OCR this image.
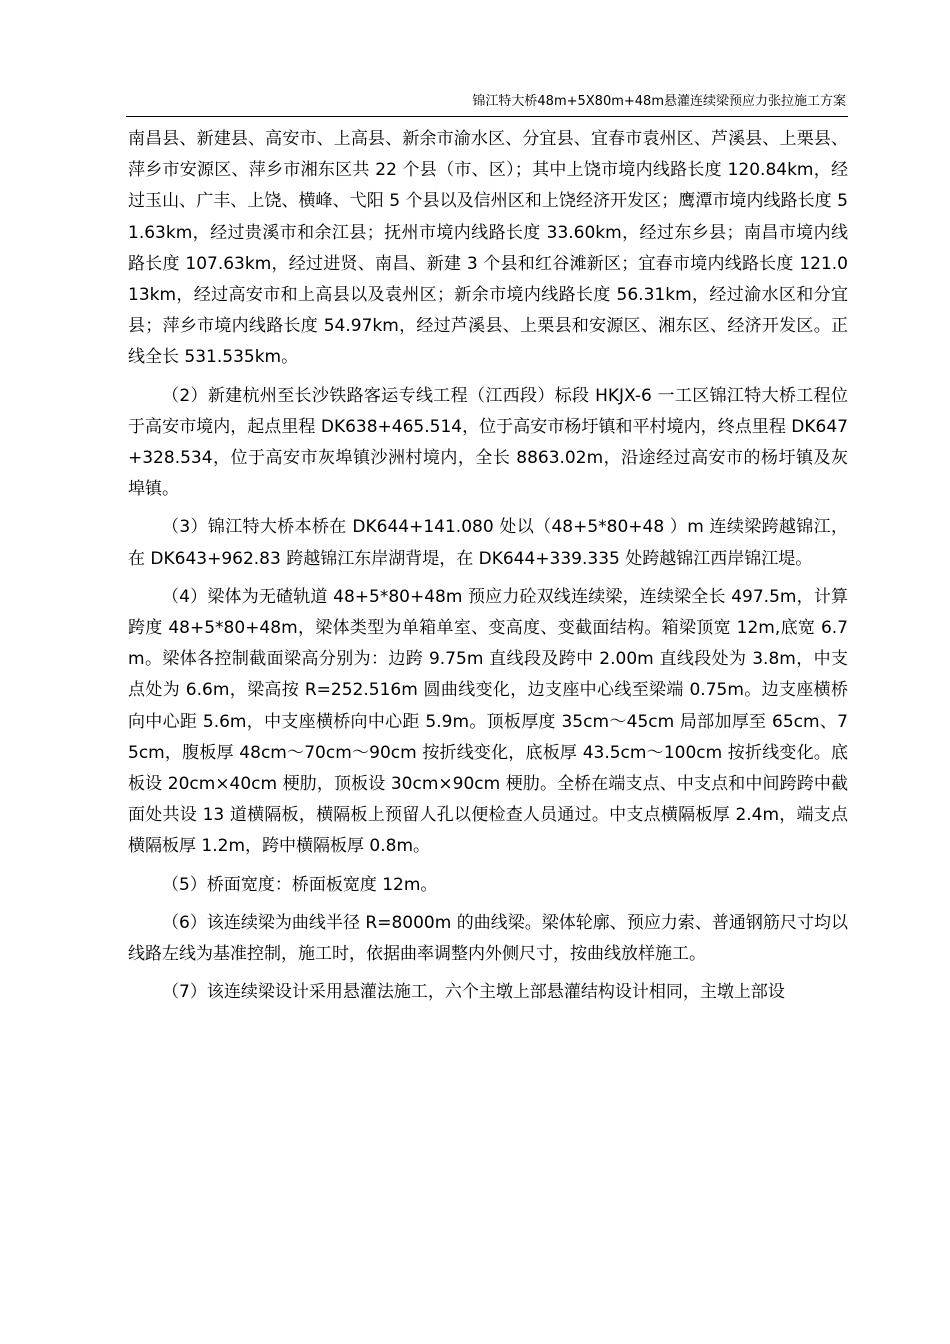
锦江特大桥48m+5X80m+48m悬灌连续梁预应力张拉施工方案

南昌县、新建县、高安市、上高县、新余市渝水区、分宜县、宜春市袁州区、芦溪县、上栗县、萍乡市安源区、萍乡市湘东区共 22 个县（市、区）；其中上饶市境内线路长度 120.84km，经过玉山、广丰、上饶、横峰、弋阳 5 个县以及信州区和上饶经济开发区；鹰潭市境内线路长度 51.63km，经过贵溪市和余江县；抚州市境内线路长度 33.60km，经过东乡县；南昌市境内线路长度 107.63km，经过进贤、南昌、新建 3 个县和红谷滩新区；宜春市境内线路长度 121.013km，经过高安市和上高县以及袁州区；新余市境内线路长度 56.31km，经过渝水区和分宜县；萍乡市境内线路长度 54.97km，经过芦溪县、上栗县和安源区、湘东区、经济开发区。正线全长 531.535km。

（2）新建杭州至长沙铁路客运专线工程（江西段）标段 HKJX-6 一工区锦江特大桥工程位于高安市境内，起点里程 DK638+465.514，位于高安市杨圩镇和平村境内，终点里程 DK647+328.534，位于高安市灰埠镇沙洲村境内，全长 8863.02m，沿途经过高安市的杨圩镇及灰埠镇。

（3）锦江特大桥本桥在 DK644+141.080 处以（48+5*80+48 ）m 连续梁跨越锦江，在 DK643+962.83 跨越锦江东岸湖背堤，在 DK644+339.335 处跨越锦江西岸锦江堤。

（4）梁体为无碴轨道 48+5*80+48m 预应力砼双线连续梁，连续梁全长 497.5m，计算跨度 48+5*80+48m，梁体类型为单箱单室、变高度、变截面结构。箱梁顶宽 12m,底宽 6.7m。梁体各控制截面梁高分别为：边跨 9.75m 直线段及跨中 2.00m 直线段处为 3.8m，中支点处为 6.6m，梁高按 R=252.516m 圆曲线变化，边支座中心线至梁端 0.75m。边支座横桥向中心距 5.6m，中支座横桥向中心距 5.9m。顶板厚度 35cm～45cm 局部加厚至 65cm、75cm，腹板厚 48cm～70cm～90cm 按折线变化，底板厚 43.5cm～100cm 按折线变化。底板设 20cm×40cm 梗肋，顶板设 30cm×90cm 梗肋。全桥在端支点、中支点和中间跨跨中截面处共设 13 道横隔板，横隔板上预留人孔以便检查人员通过。中支点横隔板厚 2.4m，端支点横隔板厚 1.2m，跨中横隔板厚 0.8m。

（5）桥面宽度：桥面板宽度 12m。

（6）该连续梁为曲线半径 R=8000m 的曲线梁。梁体轮廓、预应力索、普通钢筋尺寸均以线路左线为基准控制，施工时，依据曲率调整内外侧尺寸，按曲线放样施工。

（7）该连续梁设计采用悬灌法施工，六个主墩上部悬灌结构设计相同，主墩上部设
